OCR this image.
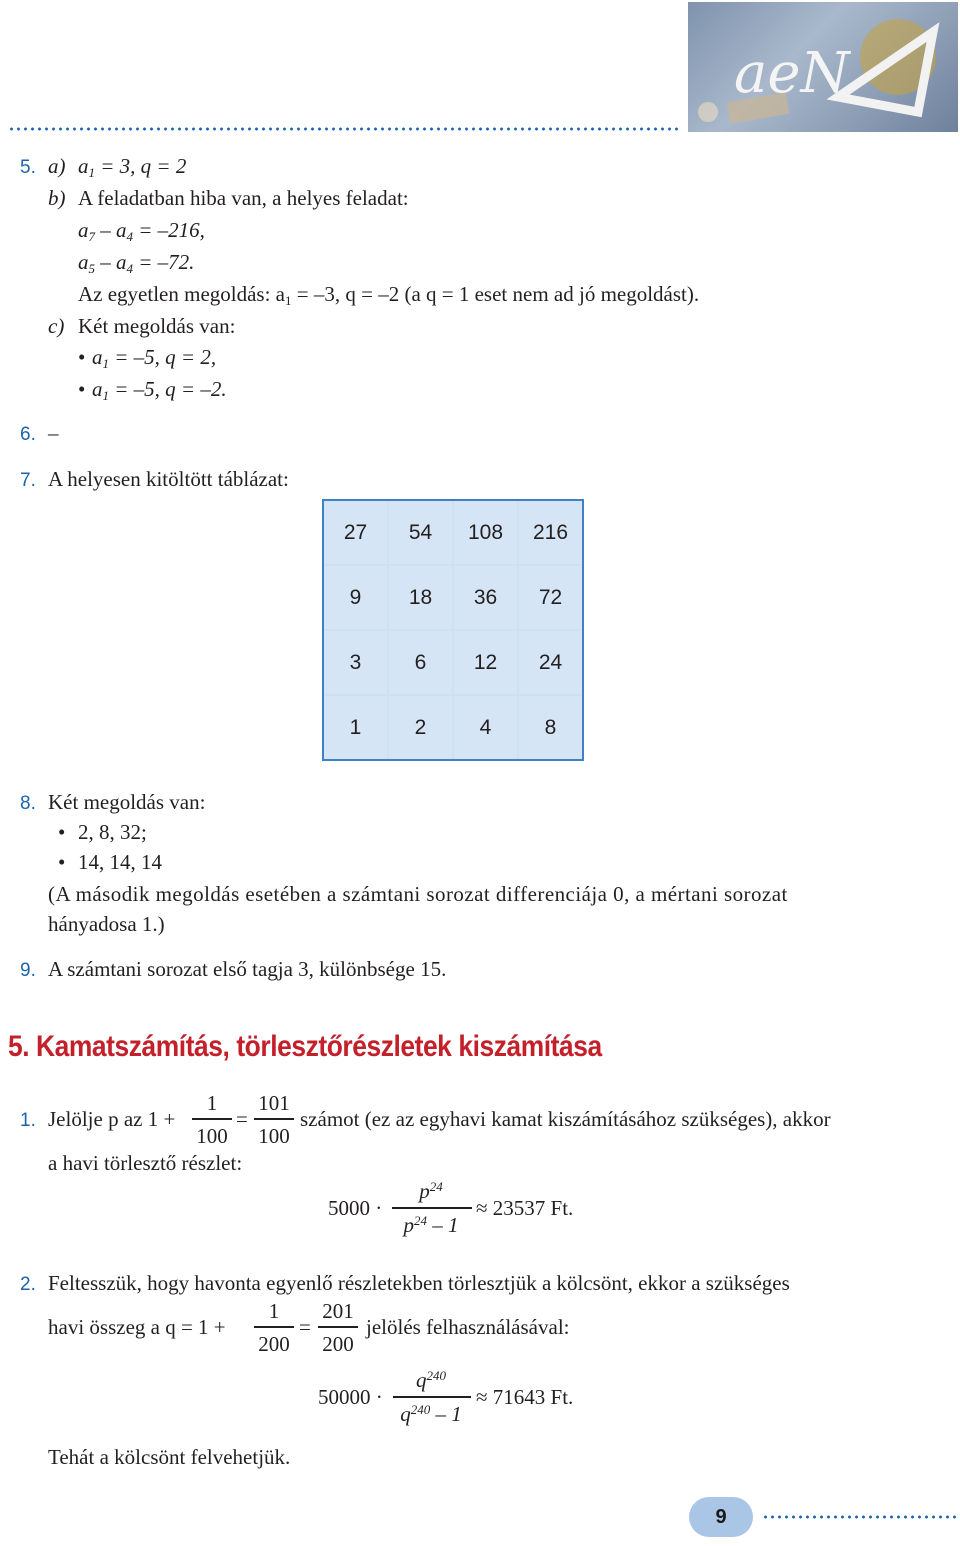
aeN
5. a) $a_1 = 3$, q = 2
b) A feladatban hiba van, a helyes feladat:
$a_7 - a_4 = -216$,
$a_5 - a_4 = -72$.
Az egyetlen megoldás: $a_1 = -3$, q = –2 (a q = 1 eset nem ad jó megoldást).
c) Két megoldás van:
• $a_1 = -5$, q = 2,
• $a_1 = -5$, q = –2.
6. –
7. A helyesen kitöltött táblázat:
27	54	108	216
9	18	36	72
3	6	12	24
1	2	4	8
8. Két megoldás van:
• 2, 8, 32;
• 14, 14, 14
(A második megoldás esetében a számtani sorozat differenciája 0, a mértani sorozat
hányadosa 1.)
9. A számtani sorozat első tagja 3, különbsége 15.
5. Kamatszámítás, törlesztőrészletek kiszámítása
1. Jelölje p az 1 +
1
100
=
101
100
számot (ez az egyhavi kamat kiszámításához szükséges), akkor
a havi törlesztő részlet:
5000 ·
$p^{24}$
$p^{24} - 1$
≈ 23537 Ft.
2. Feltesszük, hogy havonta egyenlő részletekben törlesztjük a kölcsönt, ekkor a szükséges
havi összeg a q = 1 +
1
200
=
201
200
jelölés felhasználásával:
50000 ·
$q^{240}$
$q^{240} - 1$
≈ 71643 Ft.
Tehát a kölcsönt felvehetjük.
9
